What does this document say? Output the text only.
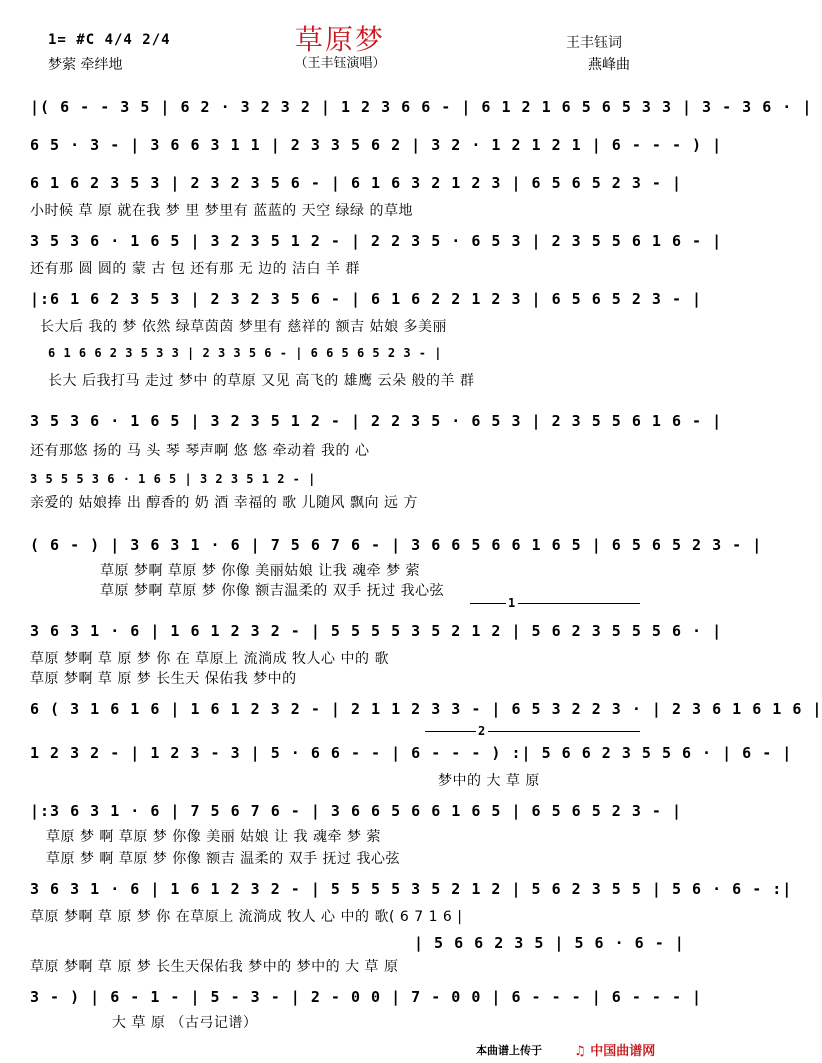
草原梦
（王丰钰演唱）
1= #C 4/4 2/4
梦萦 牵绊地
王丰钰词
燕峰曲
|( 6 - - 3 5 | 6 2 · 3 2 3 2 | 1 2 3 6 6 - | 6 1 2 1 6 5 6 5 3 3 | 3 - 3 6 · |
6 5 · 3 - | 3 6 6 3 1 1 | 2 3 3 5 6 2 | 3 2 · 1 2 1 2 1 | 6 - - - ) |
6 1 6 2 3 5 3 | 2 3 2 3 5 6 - | 6 1 6 3 2 1 2 3 | 6 5 6 5 2 3 - |
小时候 草 原 就在我 梦 里 梦里有 蓝蓝的 天空 绿绿 的草地
3 5 3 6 · 1 6 5 | 3 2 3 5 1 2 - | 2 2 3 5 · 6 5 3 | 2 3 5 5 6 1 6 - |
还有那 圆 圆的 蒙 古 包 还有那 无 边的 洁白 羊 群
|:6 1 6 2 3 5 3 | 2 3 2 3 5 6 - | 6 1 6 2 2 1 2 3 | 6 5 6 5 2 3 - |
长大后 我的 梦 依然 绿草茵茵 梦里有 慈祥的 额吉 姑娘 多美丽
6 1 6 6 2 3 5 3 3 | 2 3 3 5 6 - | 6 6 5 6 5 2 3 - |
长大 后我打马 走过 梦中 的草原 又见 高飞的 雄鹰 云朵 般的羊 群
3 5 3 6 · 1 6 5 | 3 2 3 5 1 2 - | 2 2 3 5 · 6 5 3 | 2 3 5 5 6 1 6 - |
还有那悠 扬的 马 头 琴 琴声啊 悠 悠 牵动着 我的 心
3 5 5 5 3 6 · 1 6 5 | 3 2 3 5 1 2 - |
亲爱的 姑娘捧 出 醇香的 奶 酒 幸福的 歌 儿随风 飘向 远 方
( 6 - ) | 3 6 3 1 · 6 | 7 5 6 7 6 - | 3 6 6 5 6 6 1 6 5 | 6 5 6 5 2 3 - |
草原 梦啊 草原 梦 你像 美丽姑娘 让我 魂牵 梦 萦
草原 梦啊 草原 梦 你像 额吉温柔的 双手 抚过 我心弦
1
3 6 3 1 · 6 | 1 6 1 2 3 2 - | 5 5 5 5 3 5 2 1 2 | 5 6 2 3 5 5 5 6 · |
草原 梦啊 草 原 梦 你 在 草原上 流淌成 牧人心 中的 歌
草原 梦啊 草 原 梦 长生天 保佑我 梦中的
6 ( 3 1 6 1 6 | 1 6 1 2 3 2 - | 2 1 1 2 3 3 - | 6 5 3 2 2 3 · | 2 3 6 1 6 1 6 |
2
1 2 3 2 - | 1 2 3 - 3 | 5 · 6 6 - - | 6 - - - ) :| 5 6 6 2 3 5 5 6 · | 6 - |
梦中的 大 草 原
|:3 6 3 1 · 6 | 7 5 6 7 6 - | 3 6 6 5 6 6 1 6 5 | 6 5 6 5 2 3 - |
草原 梦 啊 草原 梦 你像 美丽 姑娘 让 我 魂牵 梦 萦
草原 梦 啊 草原 梦 你像 额吉 温柔的 双手 抚过 我心弦
3 6 3 1 · 6 | 1 6 1 2 3 2 - | 5 5 5 5 3 5 2 1 2 | 5 6 2 3 5 5 | 5 6 · 6 - :|
草原 梦啊 草 原 梦 你 在草原上 流淌成 牧人 心 中的 歌( 6 7 1 6 |
| 5 6 6 2 3 5 | 5 6 · 6 - |
草原 梦啊 草 原 梦 长生天保佑我 梦中的 梦中的 大 草 原
3 - ) | 6 - 1 - | 5 - 3 - | 2 - 0 0 | 7 - 0 0 | 6 - - - | 6 - - - |
大 草 原 （古弓记谱）
本曲谱上传于 ♫ 中国曲谱网
